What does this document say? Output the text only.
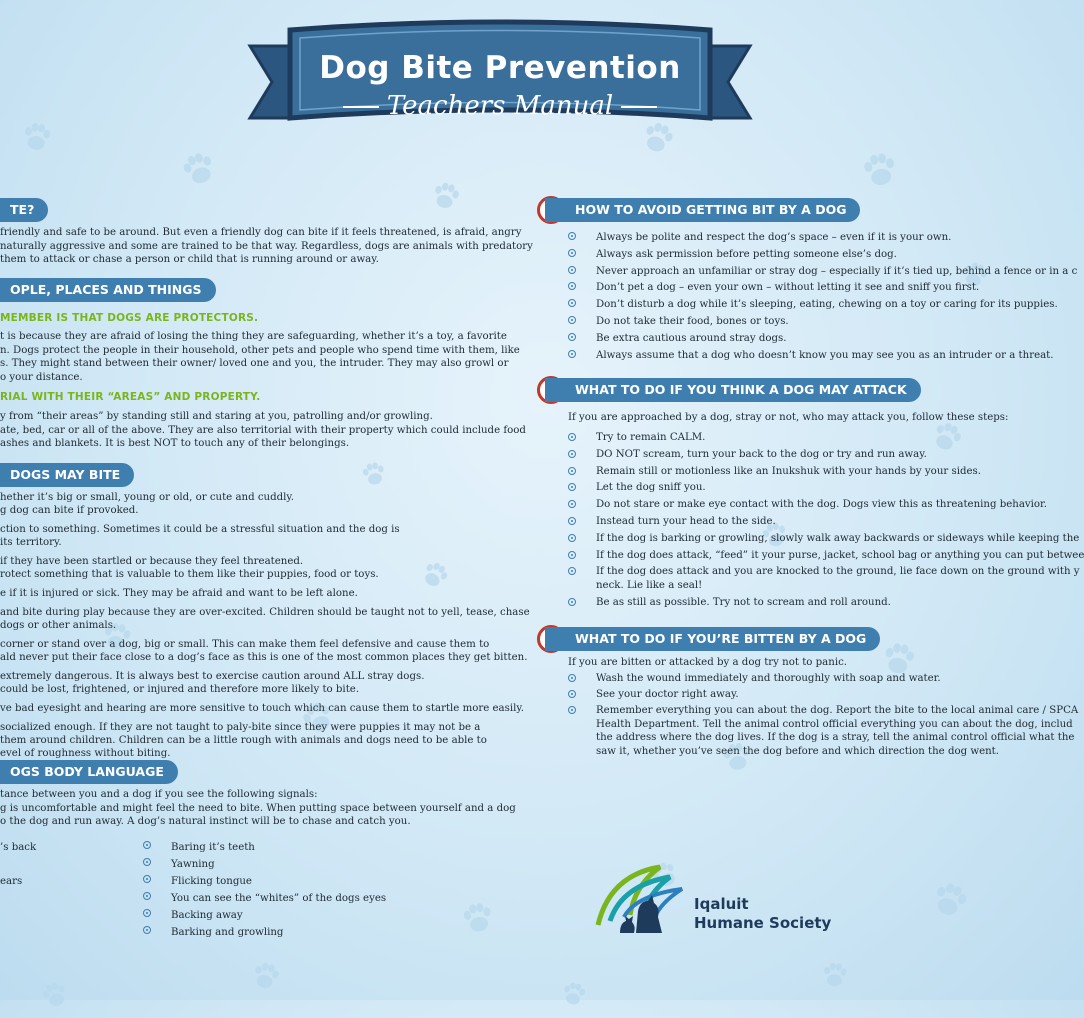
Dog Bite Prevention
Teachers Manual
TE?
friendly and safe to be around. But even a friendly dog can bite if it feels threatened, is afraid, angry
naturally aggressive and some are trained to be that way. Regardless, dogs are animals with predatory
them to attack or chase a person or child that is running around or away.
OPLE, PLACES AND THINGS
MEMBER IS THAT DOGS ARE PROTECTORS.
t is because they are afraid of losing the thing they are safeguarding, whether it’s a toy, a favorite
n. Dogs protect the people in their household, other pets and people who spend time with them, like
s. They might stand between their owner/ loved one and you, the intruder. They may also growl or
o your distance.
RIAL WITH THEIR “AREAS” AND PROPERTY.
y from “their areas” by standing still and staring at you, patrolling and/or growling.
ate, bed, car or all of the above. They are also territorial with their property which could include food
ashes and blankets. It is best NOT to touch any of their belongings.
DOGS MAY BITE
hether it’s big or small, young or old, or cute and cuddly.
g dog can bite if provoked.
ction to something. Sometimes it could be a stressful situation and the dog is
its territory.
if they have been startled or because they feel threatened.
rotect something that is valuable to them like their puppies, food or toys.
e if it is injured or sick. They may be afraid and want to be left alone.
and bite during play because they are over-excited. Children should be taught not to yell, tease, chase
dogs or other animals.
corner or stand over a dog, big or small. This can make them feel defensive and cause them to
ald never put their face close to a dog’s face as this is one of the most common places they get bitten.
extremely dangerous. It is always best to exercise caution around ALL stray dogs.
could be lost, frightened, or injured and therefore more likely to bite.
ve bad eyesight and hearing are more sensitive to touch which can cause them to startle more easily.
socialized enough. If they are not taught to paly-bite since they were puppies it may not be a
them around children. Children can be a little rough with animals and dogs need to be able to
evel of roughness without biting.
OGS BODY LANGUAGE
tance between you and a dog if you see the following signals:
g is uncomfortable and might feel the need to bite. When putting space between yourself and a dog
o the dog and run away. A dog’s natural instinct will be to chase and catch you.
’s back

ears
Baring it’s teeth
Yawning
Flicking tongue
You can see the “whites” of the dogs eyes
Backing away
Barking and growling
HOW TO AVOID GETTING BIT BY A DOG
Always be polite and respect the dog’s space – even if it is your own.
Always ask permission before petting someone else’s dog.
Never approach an unfamiliar or stray dog – especially if it’s tied up, behind a fence or in a c
Don’t pet a dog – even your own – without letting it see and sniff you first.
Don’t disturb a dog while it’s sleeping, eating, chewing on a toy or caring for its puppies.
Do not take their food, bones or toys.
Be extra cautious around stray dogs.
Always assume that a dog who doesn’t know you may see you as an intruder or a threat.
WHAT TO DO IF YOU THINK A DOG MAY ATTACK
If you are approached by a dog, stray or not, who may attack you, follow these steps:
Try to remain CALM.
DO NOT scream, turn your back to the dog or try and run away.
Remain still or motionless like an Inukshuk with your hands by your sides.
Let the dog sniff you.
Do not stare or make eye contact with the dog. Dogs view this as threatening behavior.
Instead turn your head to the side.
If the dog is barking or growling, slowly walk away backwards or sideways while keeping the
If the dog does attack, “feed” it your purse, jacket, school bag or anything you can put betwee
If the dog does attack and you are knocked to the ground, lie face down on the ground with y
neck. Lie like a seal!
Be as still as possible. Try not to scream and roll around.
WHAT TO DO IF YOU’RE BITTEN BY A DOG
If you are bitten or attacked by a dog try not to panic.
Wash the wound immediately and thoroughly with soap and water.
See your doctor right away.
Remember everything you can about the dog. Report the bite to the local animal care / SPCA
Health Department. Tell the animal control official everything you can about the dog, includ
the address where the dog lives. If the dog is a stray, tell the animal control official what the
saw it, whether you’ve seen the dog before and which direction the dog went.
Iqaluit
Humane Society
